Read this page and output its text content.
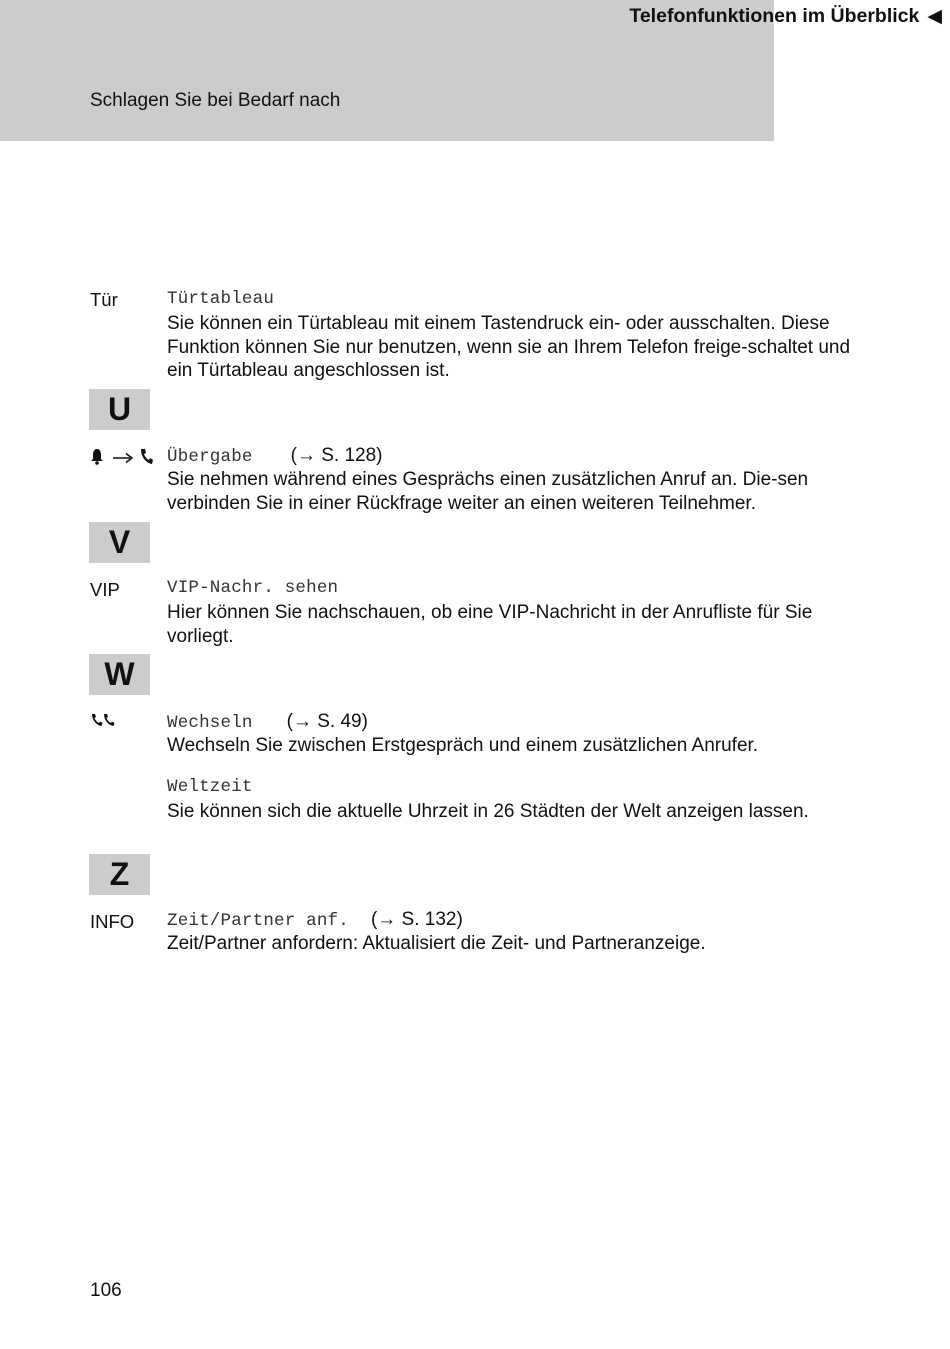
Schlagen Sie bei Bedarf nach
Telefonfunktionen im Überblick ◀
Tür	Türtableau
Sie können ein Türtableau mit einem Tastendruck ein- oder ausschalten. Diese Funktion können Sie nur benutzen, wenn sie an Ihrem Telefon freige-schaltet und ein Türtableau angeschlossen ist.
U
Übergabe (→ S. 128)
Sie nehmen während eines Gesprächs einen zusätzlichen Anruf an. Die-sen verbinden Sie in einer Rückfrage weiter an einen weiteren Teilnehmer.
V
VIP	VIP-Nachr. sehen
Hier können Sie nachschauen, ob eine VIP-Nachricht in der Anrufliste für Sie vorliegt.
W
Wechseln (→ S. 49)
Wechseln Sie zwischen Erstgespräch und einem zusätzlichen Anrufer.
Weltzeit
Sie können sich die aktuelle Uhrzeit in 26 Städten der Welt anzeigen lassen.
Z
INFO Zeit/Partner anf. (→ S. 132)
Zeit/Partner anfordern: Aktualisiert die Zeit- und Partneranzeige.
106
